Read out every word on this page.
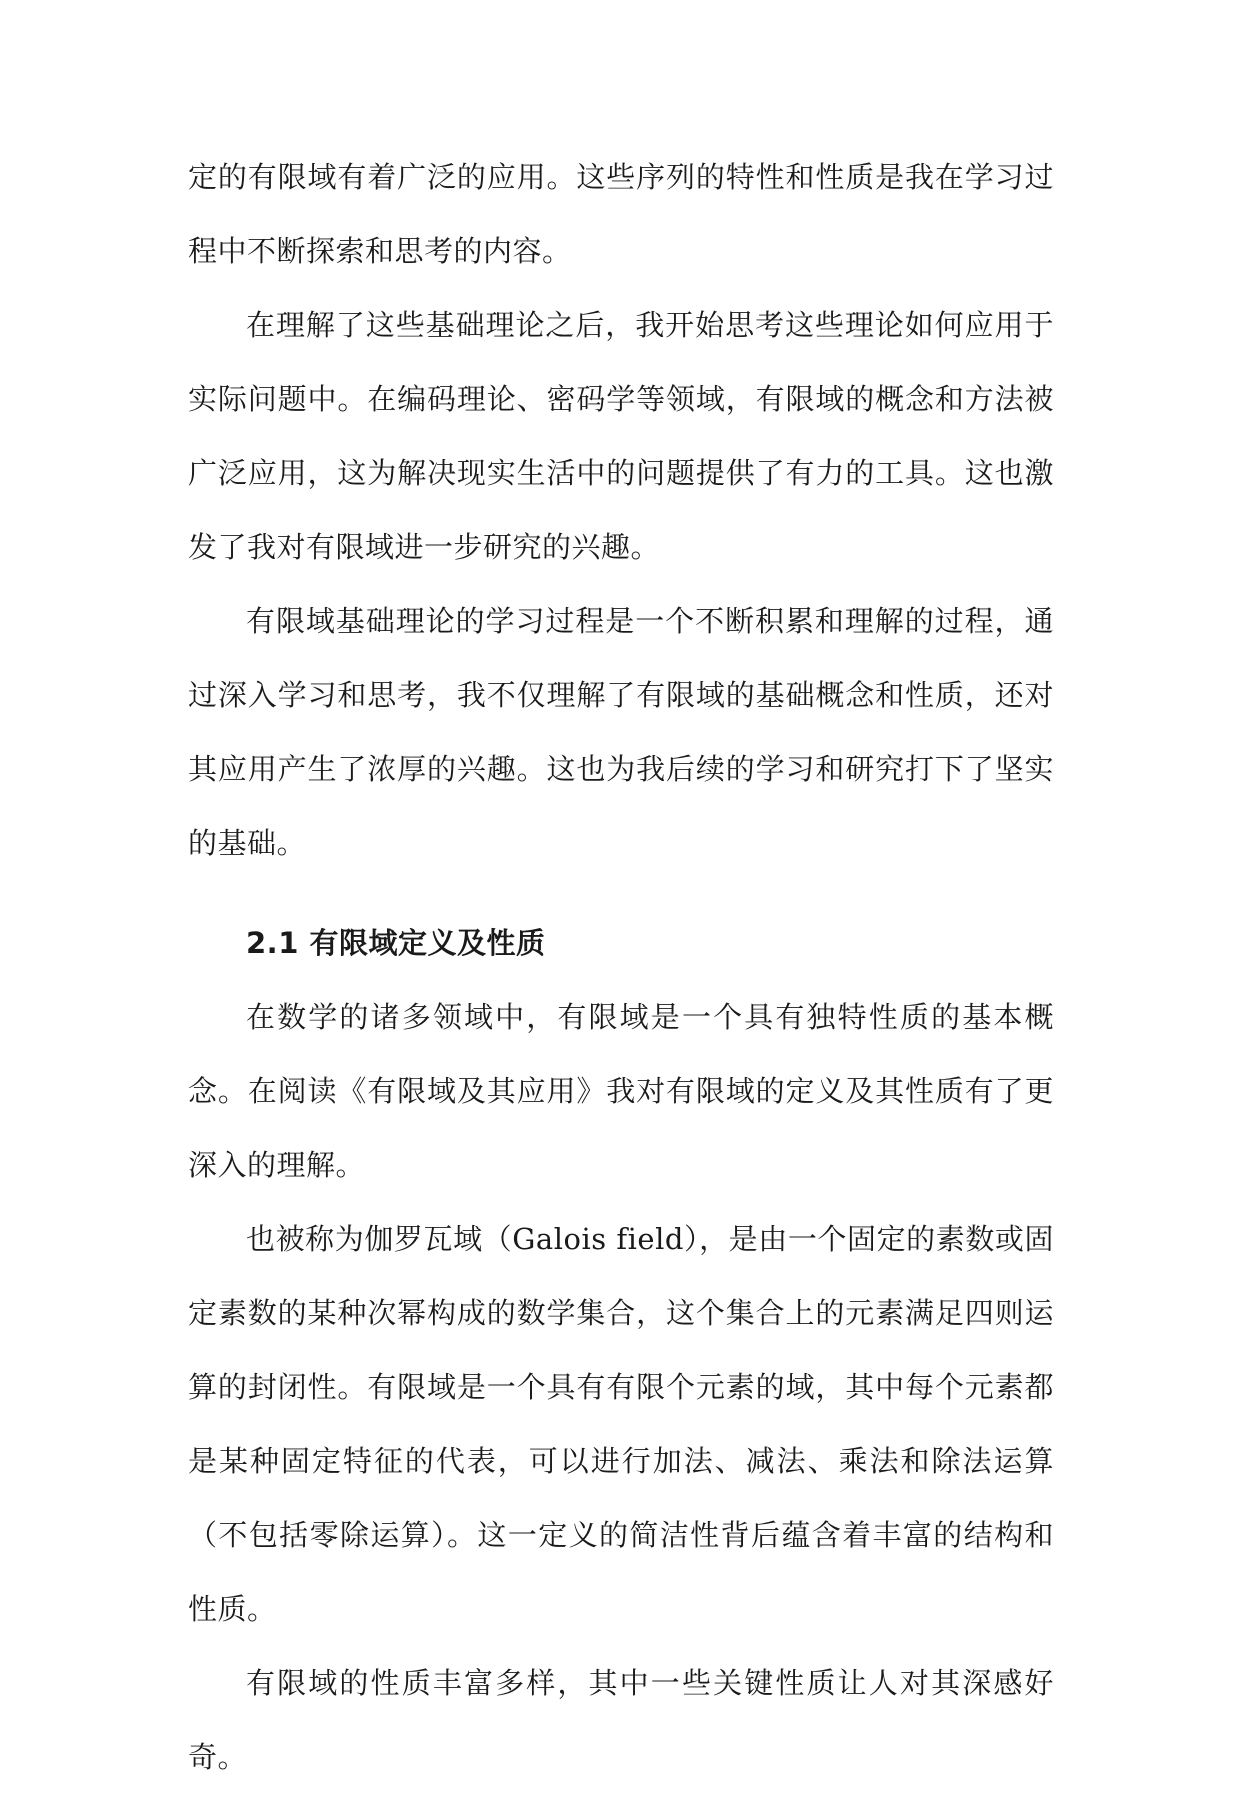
定的有限域有着广泛的应用。这些序列的特性和性质是我在学习过程中不断探索和思考的内容。

在理解了这些基础理论之后，我开始思考这些理论如何应用于实际问题中。在编码理论、密码学等领域，有限域的概念和方法被广泛应用，这为解决现实生活中的问题提供了有力的工具。这也激发了我对有限域进一步研究的兴趣。

有限域基础理论的学习过程是一个不断积累和理解的过程，通过深入学习和思考，我不仅理解了有限域的基础概念和性质，还对其应用产生了浓厚的兴趣。这也为我后续的学习和研究打下了坚实的基础。

2.1 有限域定义及性质

在数学的诸多领域中，有限域是一个具有独特性质的基本概念。在阅读《有限域及其应用》我对有限域的定义及其性质有了更深入的理解。

也被称为伽罗瓦域（Galois field），是由一个固定的素数或固定素数的某种次幂构成的数学集合，这个集合上的元素满足四则运算的封闭性。有限域是一个具有有限个元素的域，其中每个元素都是某种固定特征的代表，可以进行加法、减法、乘法和除法运算（不包括零除运算）。这一定义的简洁性背后蕴含着丰富的结构和性质。

有限域的性质丰富多样，其中一些关键性质让人对其深感好奇。
